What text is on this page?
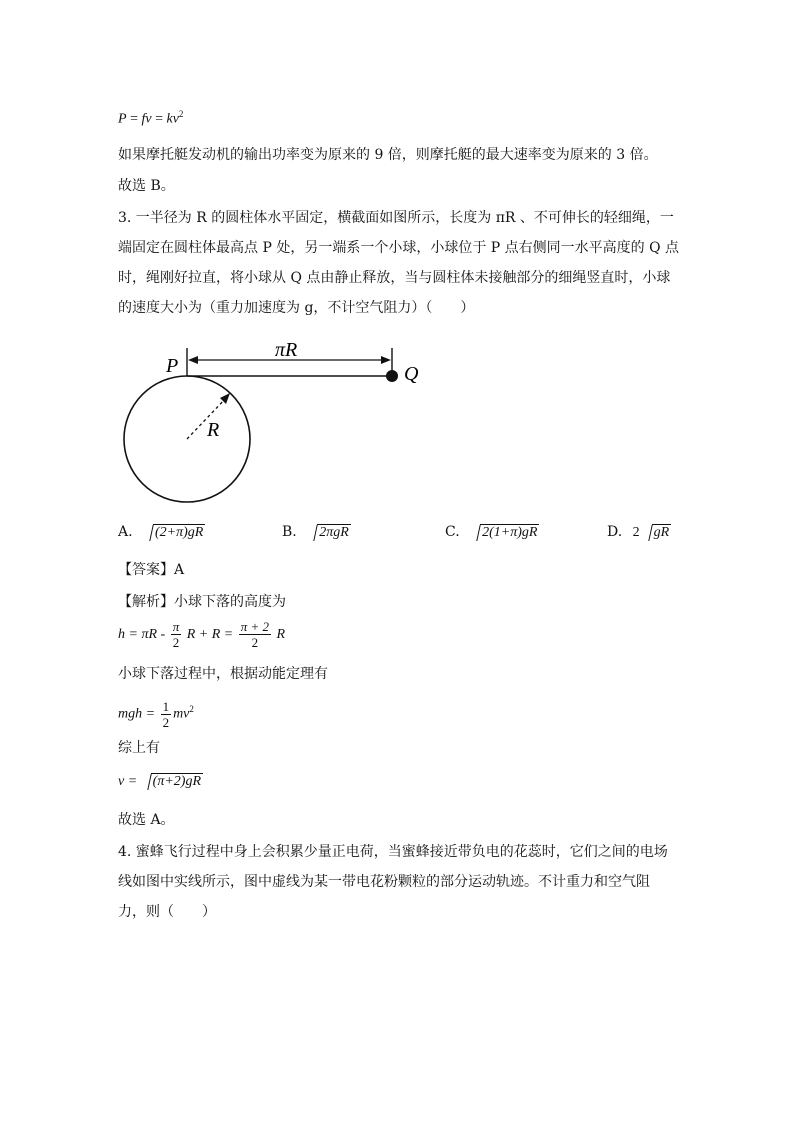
P = fv = $kv^2$
如果摩托艇发动机的输出功率变为原来的 9 倍，则摩托艇的最大速率变为原来的 3 倍。
故选 B。
3. 一半径为 R 的圆柱体水平固定，横截面如图所示，长度为 πR 、不可伸长的轻细绳，一
端固定在圆柱体最高点 P 处，另一端系一个小球，小球位于 P 点右侧同一水平高度的 Q 点
时，绳刚好拉直，将小球从 Q 点由静止释放，当与圆柱体未接触部分的细绳竖直时，小球
的速度大小为（重力加速度为 g，不计空气阻力）（　　）
P	Q
πR
R
A. (2+π)gR	B. 2πgR	C. 2(1+π)gR	D. 2 gR
【答案】A
【解析】小球下落的高度为
$h = \pi R - \frac{\pi}{2}$ $R + R = \frac{\pi + 2}{2}$ R
小球下落过程中，根据动能定理有
mgh = $\frac{1}{2} mv^2$
综上有
v = (π+2)gR
故选 A。
4. 蜜蜂飞行过程中身上会积累少量正电荷，当蜜蜂接近带负电的花蕊时，它们之间的电场
线如图中实线所示，图中虚线为某一带电花粉颗粒的部分运动轨迹。不计重力和空气阻
力，则（　　）
